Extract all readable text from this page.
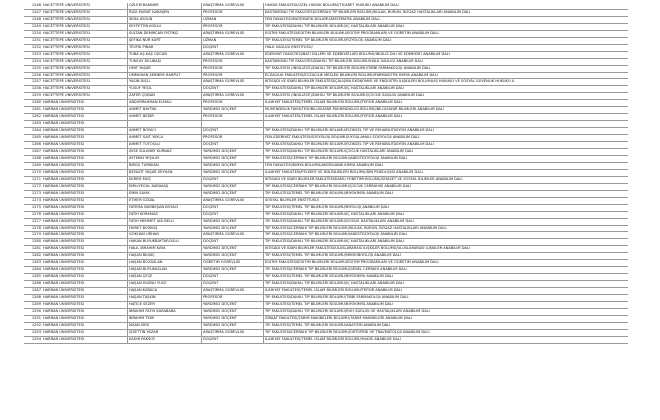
1246	HACETTEPE ÜNİVERSİTESİ	ÖZLEM BAKINER	ARAŞTIRMA GÖREVLİSİ	HUKUK FAKÜLTESİ/ÖZEL HUKUK BÖLÜMÜ/TİCARET HUKUKU ANABİLİM DALI
1247	HACETTEPE ÜNİVERSİTESİ	RIZA MURAT KARAŞEN	PROFESÖR	KASTAMONU TIP FAKÜLTESİ/CERRAHİ TIP BİLİMLERİ BÖLÜMÜ/KULAK, BURUN, BOĞAZ HASTALIKLARI ANABİLİM DALI
1248	HACETTEPE ÜNİVERSİTESİ	SEDA AYGÜN	UZMAN	FEN FAKÜLTESİ/MATEMATİK BÖLÜMÜ/MATEMATİK ANABİLİM DALI
1249	HACETTEPE ÜNİVERSİTESİ	SEYFETTİN KÖKLÜ	PROFESÖR	TIP FAKÜLTESİ/DAHİLİ TIP BİLİMLERİ BÖLÜMÜ/İÇ HASTALIKLARI ANABİLİM DALI
1250	HACETTEPE ÜNİVERSİTESİ	SULTAN DEMİRCAN FISTIKÇI	ARAŞTIRMA GÖREVLİSİ	EĞİTİM FAKÜLTESİ/EĞİTİM BİLİMLERİ BÖLÜMÜ/EĞİTİM PROGRAMLARI VE ÖĞRETİM ANABİLİM DALI
1251	HACETTEPE ÜNİVERSİTESİ	ŞEFİKA NUR KURT	UZMAN	TIP FAKÜLTESİ/TEMEL TIP BİLİMLERİ BÖLÜMÜ/FİZYOLOJİ ANABİLİM DALI
1252	HACETTEPE ÜNİVERSİTESİ	TEVFİK PINAR	DOÇENT	HALK SAĞLIĞI ENSTİTÜSÜ/
1253	HACETTEPE ÜNİVERSİTESİ	TUBA AŞ KAŞ ÖZCAN	ARAŞTIRMA GÖREVLİSİ	EDEBİYAT FAKÜLTESİ/BATI DİLLERİ VE EDEBİYATLARI BÖLÜMÜ/İNGİLİZ DİLİ VE EDEBİYATI ANABİLİM DALI
1254	HACETTEPE ÜNİVERSİTESİ	TUNCAY DELİBAŞI	PROFESÖR	KASTAMONU TIP FAKÜLTESİ/DAHİLİ TIP BİLİMLERİ BÖLÜMÜ/HALK SAĞLIĞI ANABİLİM DALI
1255	HACETTEPE ÜNİVERSİTESİ	ÜMİT YAŞAR	PROFESÖR	TIP FAKÜLTESİ (İNGİLİZCE)/DAHİLİ TIP BİLİMLERİ BÖLÜMÜ/TIBBİ FARMAKOLOJİ ANABİLİM DALI
1256	HACETTEPE ÜNİVERSİTESİ	ÜMMÜHAN ŞEBNEM HARPUT	PROFESÖR	ECZACILIK FAKÜLTESİ/ECZACILIK MESLEK BİLİMLERİ BÖLÜMÜ/FARMASÖTİK KİMYA ANABİLİM DALI
1257	HACETTEPE ÜNİVERSİTESİ	YASİN DİŞLİ	ARAŞTIRMA GÖREVLİSİ	İKTİSADİ VE İDARİ BİLİMLER FAKÜLTESİ/ÇALIŞMA EKONOMİSİ VE ENDÜSTRİ İLİŞKİLERİ BÖLÜMÜ/İŞ HUKUKU VE SOSYAL GÜVENLİK HUKUKU A
1258	HACETTEPE ÜNİVERSİTESİ	YUSUF YEŞİL	DOÇENT	TIP FAKÜLTESİ/DAHİLİ TIP BİLİMLERİ BÖLÜMÜ/İÇ HASTALIKLARI ANABİLİM DALI
1259	HACETTEPE ÜNİVERSİTESİ	ZAFER ÇOBAN	ARAŞTIRMA GÖREVLİSİ	TIP FAKÜLTESİ (İNGİLİZCE)/DAHİLİ TIP BİLİMLERİ BÖLÜMÜ/ÇOCUK SAĞLIĞI ANABİLİM DALI
1260	HARRAN ÜNİVERSİTESİ	ABDURRAHMAN ELMALI	PROFESÖR	İLAHİYAT FAKÜLTESİ/TEMEL İSLAM BİLİMLERİ BÖLÜMÜ/TEFSİR ANABİLİM DALI
1261	HARRAN ÜNİVERSİTESİ	AHMET BAYTAK	YARDIMCI DOÇENT	MÜHENDİSLİK FAKÜLTESİ/BİLGİSAYAR MÜHENDİSLİĞİ BÖLÜMÜ/BİLGİSAYAR BİLİMLERİ ANABİLİM DALI
1262	HARRAN ÜNİVERSİTESİ	AHMET BEDİR	PROFESÖR	İLAHİYAT FAKÜLTESİ/TEMEL İSLAM BİLİMLERİ BÖLÜMÜ/TEFSİR ANABİLİM DALI
1263	HARRAN ÜNİVERSİTESİ			
1264	HARRAN ÜNİVERSİTESİ	AHMET BOYACI	DOÇENT	TIP FAKÜLTESİ/DAHİLİ TIP BİLİMLERİ BÖLÜMÜ/FİZİKSEL TIP VE REHABİLİTASYON ANABİLİM DALI
1265	HARRAN ÜNİVERSİTESİ	AHMET SAİT YAYLA	PROFESÖR	FEN-EDEBİYAT FAKÜLTESİ/SOSYOLOJİ BÖLÜMÜ/UYGULAMALI SOSYOLOJİ ANABİLİM DALI
1266	HARRAN ÜNİVERSİTESİ	AHMET TUTOĞLU	DOÇENT	TIP FAKÜLTESİ/DAHİLİ TIP BİLİMLERİ BÖLÜMÜ/FİZİKSEL TIP VE REHABİLİTASYON ANABİLİM DALI
1267	HARRAN ÜNİVERSİTESİ	AYSE SÜLÜNBY KURNAZ	YARDIMCI DOÇENT	TIP FAKÜLTESİ/DAHİLİ TIP BİLİMLERİ BÖLÜMÜ/ÇOCUK HASTALIKLARI ANABİLİM DALI
1268	HARRAN ÜNİVERSİTESİ	AYTEKİN YEŞİLAY	YARDIMCI DOÇENT	TIP FAKÜLTESİ/CERRAHİ TIP BİLİMLERİ BÖLÜMÜ/ANESTEZİYOLOJİ ANABİLİM DALI
1269	HARRAN ÜNİVERSİTESİ	BİRGÜ TÜRKKAN	YARDIMCI DOÇENT	FEN FAKÜLTESİ/KİMYA BÖLÜMÜ/ANORGANİK KİMYA ANABİLİM DALI
1270	HARRAN ÜNİVERSİTESİ	BEYAZIT YAŞAR SEYHAN	YARDIMCI DOÇENT	İLAHİYAT FAKÜLTESİ/FELSEFE VE DİN BİLİMLERİ BÖLÜMÜ/DİN PSİKOLOJİSİ ANABİLİM DALI
1271	HARRAN ÜNİVERSİTESİ	EKREM MUŞ	DOÇENT	İKTİSADİ VE İDARİ BİLİMLER FAKÜLTESİ/KAMU YÖNETİMİ BÖLÜMÜ/SİYASET VE SOSYAL BİLİMLER ANABİLİM DALI
1272	HARRAN ÜNİVERSİTESİ	EMİLİYEGÜL KARAKAŞ	YARDIMCI DOÇENT	TIP FAKÜLTESİ/CERRAHİ TIP BİLİMLERİ BÖLÜMÜ/ÇOCUK CERRAHİSİ ANABİLİM DALI
1273	HARRAN ÜNİVERSİTESİ	EMİN SAVİK	YARDIMCI DOÇENT	TIP FAKÜLTESİ/TEMEL TIP BİLİMLERİ BÖLÜMÜ/BİYOKİMYA ANABİLİM DALI
1274	HARRAN ÜNİVERSİTESİ	ETHEM ÖZDAL	ARAŞTIRMA GÖREVLİSİ	SOSYAL BİLİMLER ENSTİTÜSÜ/
1275	HARRAN ÜNİVERSİTESİ	FATEMA NURBEŞAN BOYACI	DOÇENT	TIP FAKÜLTESİ/TEMEL TIP BİLİMLERİ BÖLÜMÜ/BİYOLOJİ ANABİLİM DALI
1276	HARRAN ÜNİVERSİTESİ	FATİH KORKMAZ	DOÇENT	TIP FAKÜLTESİ/DAHİLİ TIP BİLİMLERİ BÖLÜMÜ/İÇ HASTALIKLARI ANABİLİM DALI
1277	HARRAN ÜNİVERSİTESİ	FATİH MEHMET ADİ BELLİ	YARDIMCI DOÇENT	TIP FAKÜLTESİ/DAHİLİ TIP BİLİMLERİ BÖLÜMÜ/GÖĞÜS HASTALIKLARI ANABİLİM DALI
1278	HARRAN ÜNİVERSİTESİ	FİKRET BOZKUŞ	YARDIMCI DOÇENT	TIP FAKÜLTESİ/CERRAHİ TIP BİLİMLERİ BÖLÜMÜ/KULAK, BURUN, BOĞAZ HASTALIKLARI ANABİLİM DALI
1279	HARRAN ÜNİVERSİTESİ	GÖKHAN URHAN	ARAŞTIRMA GÖREVLİSİ	TIP FAKÜLTESİ/CERRAHİ TIP BİLİMLERİ BÖLÜMÜ/ANESTEZİYOLOJİ ANABİLİM DALI
1280	HARRAN ÜNİVERSİTESİ	HAKAN BÜYÜKBAYTAROĞLU	DOÇENT	TIP FAKÜLTESİ/DAHİLİ TIP BİLİMLERİ BÖLÜMÜ/İÇ HASTALIKLARI ANABİLİM DALI
1281	HARRAN ÜNİVERSİTESİ	HALİL İBRAHİM KAYA	YARDIMCI DOÇENT	İKTİSADİ VE İDARİ BİLİMLER FAKÜLTESİ/ULUSLARARASI İLİŞKİLER BÖLÜMÜ/ULUSLARARASI İLİŞKİLER ANABİLİM DALI
1282	HARRAN ÜNİVERSİTESİ	HAŞAN BİLİNÇ	YARDIMCI DOÇENT	TIP FAKÜLTESİ/TEMEL TIP BİLİMLERİ BÖLÜMÜ/MİKROBİYOLOJİ ANABİLİM DALI
1283	HARRAN ÜNİVERSİTESİ	HAŞAN BOZASLAN	ÖĞRETİM GÖREVLİSİ	EĞİTİM FAKÜLTESİ/EĞİTİM BİLİMLERİ BÖLÜMÜ/EĞİTİM PROGRAMLARI VE ÖĞRETİM ANABİLİM DALI
1284	HARRAN ÜNİVERSİTESİ	HAŞAN BÜYÜKASLAN	YARDIMCI DOÇENT	TIP FAKÜLTESİ/CERRAHİ TIP BİLİMLERİ BÖLÜMÜ/GENEL CERRAHİ ANABİLİM DALI
1285	HARRAN ÜNİVERSİTESİ	HAŞAN ÇEÇE	DOÇENT	TIP FAKÜLTESİ/TEMEL TIP BİLİMLERİ BÖLÜMÜ/BİYOKİMYA ANABİLİM DALI
1286	HARRAN ÜNİVERSİTESİ	HAŞAN HÜSNÜ YÜCE	DOÇENT	TIP FAKÜLTESİ/DAHİLİ TIP BİLİMLERİ BÖLÜMÜ/İÇ HASTALIKLARI ANABİLİM DALI
1287	HARRAN ÜNİVERSİTESİ	HAŞAN KARACA	ARAŞTIRMA GÖREVLİSİ	İLAHİYAT FAKÜLTESİ/TEMEL İSLAM BİLİMLERİ BÖLÜMÜ/TEFSİR ANABİLİM DALI
1288	HARRAN ÜNİVERSİTESİ	HAŞAN TAŞKIN	PROFESÖR	TIP FAKÜLTESİ/DAHİLİ TIP BİLİMLERİ BÖLÜMÜ/TIBBİ FARMAKOLOJİ ANABİLİM DALI
1289	HARRAN ÜNİVERSİTESİ	HATİCE SEZER	YARDIMCI DOÇENT	TIP FAKÜLTESİ/TEMEL TIP BİLİMLERİ BÖLÜMÜ/BİYOKİMYA ANABİLİM DALI
1290	HARRAN ÜNİVERSİTESİ	İBRAHİM FATİH KARABABA	YARDIMCI DOÇENT	TIP FAKÜLTESİ/DAHİLİ TIP BİLİMLERİ BÖLÜMÜ/RUH SAĞLIĞI VE HASTALIKLARI ANABİLİM DALI
1291	HARRAN ÜNİVERSİTESİ	İBRAHİM TEKE	YARDIMCI DOÇENT	ZİRAAT FAKÜLTESİ/TARIM MAKİNELERİ BÖLÜMÜ/TARIM MAKİNELERİ ANABİLİM DALI
1292	HARRAN ÜNİVERSİTESİ	İSKAN İSER	YARDIMCI DOÇENT	TIP FAKÜLTESİ/TEMEL TIP BİLİMLERİ BÖLÜMÜ/ANATOMİ ANABİLİM DALI
1293	HARRAN ÜNİVERSİTESİ	İZZETTİN YAZAR	ARAŞTIRMA GÖREVLİSİ	TIP FAKÜLTESİ/CERRAHİ TIP BİLİMLERİ BÖLÜMÜ/ORTOPEDİ VE TRAVMATOLOJİ ANABİLİM DALI
1294	HARRAN ÜNİVERSİTESİ	KADİR PAKSOY	DOÇENT	İLAHİYAT FAKÜLTESİ/TEMEL İSLAM BİLİMLERİ BÖLÜMÜ/HADİS ANABİLİM DALI
